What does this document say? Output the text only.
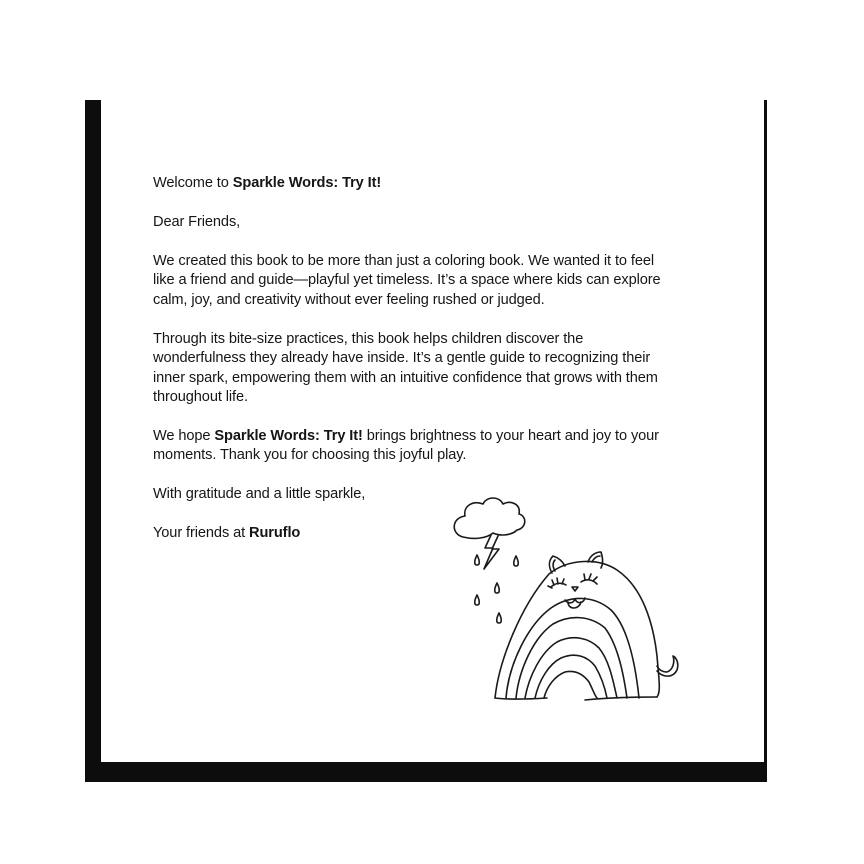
Welcome to Sparkle Words: Try It!

Dear Friends,

We created this book to be more than just a coloring book. We wanted it to feel like a friend and guide—playful yet timeless. It’s a space where kids can explore calm, joy, and creativity without ever feeling rushed or judged.

Through its bite-size practices, this book helps children discover the wonderfulness they already have inside. It’s a gentle guide to recognizing their inner spark, empowering them with an intuitive confidence that grows with them throughout life.

We hope Sparkle Words: Try It! brings brightness to your heart and joy to your moments. Thank you for choosing this joyful play.

With gratitude and a little sparkle,

Your friends at Ruruflo
